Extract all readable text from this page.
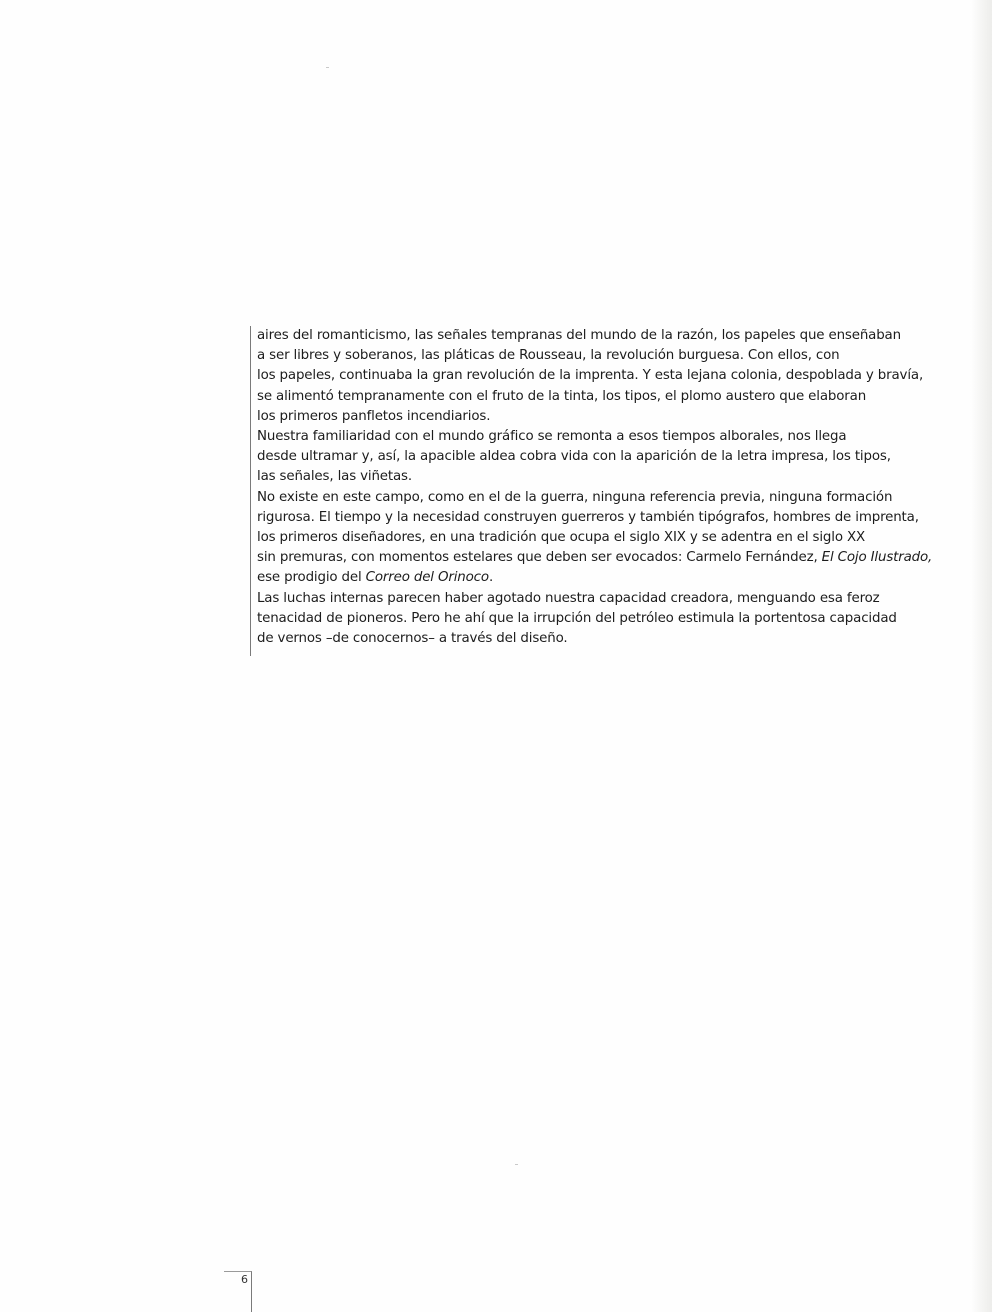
aires del romanticismo, las señales tempranas del mundo de la razón, los papeles que enseñaban
a ser libres y soberanos, las pláticas de Rousseau, la revolución burguesa. Con ellos, con
los papeles, continuaba la gran revolución de la imprenta. Y esta lejana colonia, despoblada y bravía,
se alimentó tempranamente con el fruto de la tinta, los tipos, el plomo austero que elaboran
los primeros panfletos incendiarios.
Nuestra familiaridad con el mundo gráfico se remonta a esos tiempos alborales, nos llega
desde ultramar y, así, la apacible aldea cobra vida con la aparición de la letra impresa, los tipos,
las señales, las viñetas.
No existe en este campo, como en el de la guerra, ninguna referencia previa, ninguna formación
rigurosa. El tiempo y la necesidad construyen guerreros y también tipógrafos, hombres de imprenta,
los primeros diseñadores, en una tradición que ocupa el siglo XIX y se adentra en el siglo XX
sin premuras, con momentos estelares que deben ser evocados: Carmelo Fernández, El Cojo Ilustrado,
ese prodigio del Correo del Orinoco.
Las luchas internas parecen haber agotado nuestra capacidad creadora, menguando esa feroz
tenacidad de pioneros. Pero he ahí que la irrupción del petróleo estimula la portentosa capacidad
de vernos –de conocernos– a través del diseño.
6
